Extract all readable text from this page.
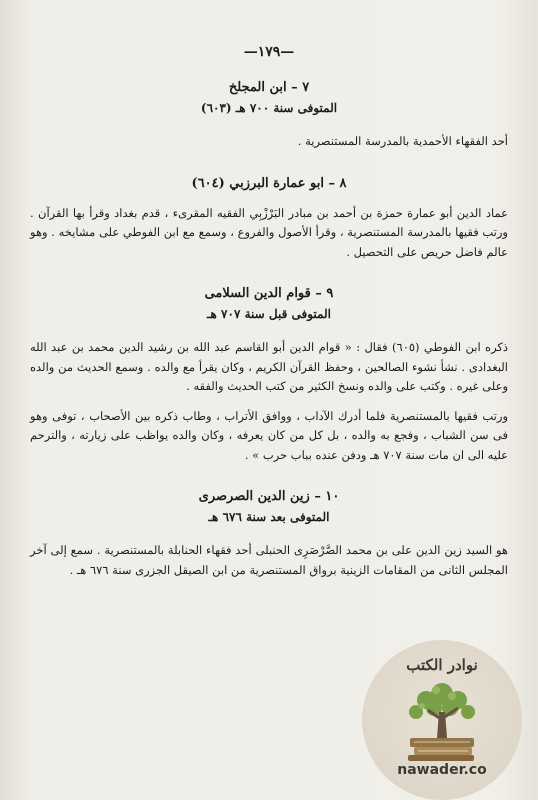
—١٧٩—

٧ – ابن المجلخ

المتوفى سنة ٧٠٠ هـ (٦٠٣)

أحد الفقهاء الأحمدية بالمدرسة المستنصرية .

٨ – ابو عمارة البرزبي (٦٠٤)

عماد الدين أبو عمارة حمزة بن أحمد بن مبادر البَرْزْبِي الفقيه المقرىء ، قدم بغداد وقرأ بها القرآن . ورتب فقيها بالمدرسة المستنصرية ، وقرأ الأصول والفروع ، وسمع مع ابن الفوطي على مشايخه . وهو عالم فاضل حريص على التحصيل .

٩ – قوام الدين السلامى

المتوفى قبل سنة ٧٠٧ هـ

ذكره ابن الفوطي (٦٠٥) فقال : « قوام الدين أبو القاسم عبد الله بن رشيد الدين محمد بن عبد الله البغدادى . نشأ نشوء الصالحين ، وحفظ القرآن الكريم ، وكان يقرأ مع والده . وسمع الحديث من والده وعلى غيره . وكتب على والده ونسخ الكثير من كتب الحديث والفقه .

ورتب فقيها بالمستنصرية فلما أدرك الآداب ، ووافق الأتراب ، وطاب ذكره بين الأصحاب ، توفى وهو فى سن الشباب ، وفجع به والده ، بل كل من كان يعرفه ، وكان والده يواظب على زيارته ، والترحم عليه الى ان مات سنة ٧٠٧ هـ ودفن عنده بباب حرب » .

١٠ – زين الدين الصرصرى

المتوفى بعد سنة ٦٧٦ هـ

هو السيد زين الدين على بن محمد الصَّرْصَرِى الحنبلى أحد فقهاء الحنابلة بالمستنصرية . سمع إلى آخر المجلس الثانى من المقامات الزينية برواق المستنصرية من ابن الصيقل الجزرى سنة ٦٧٦ هـ .

نوادر الكتب
nawader.co
